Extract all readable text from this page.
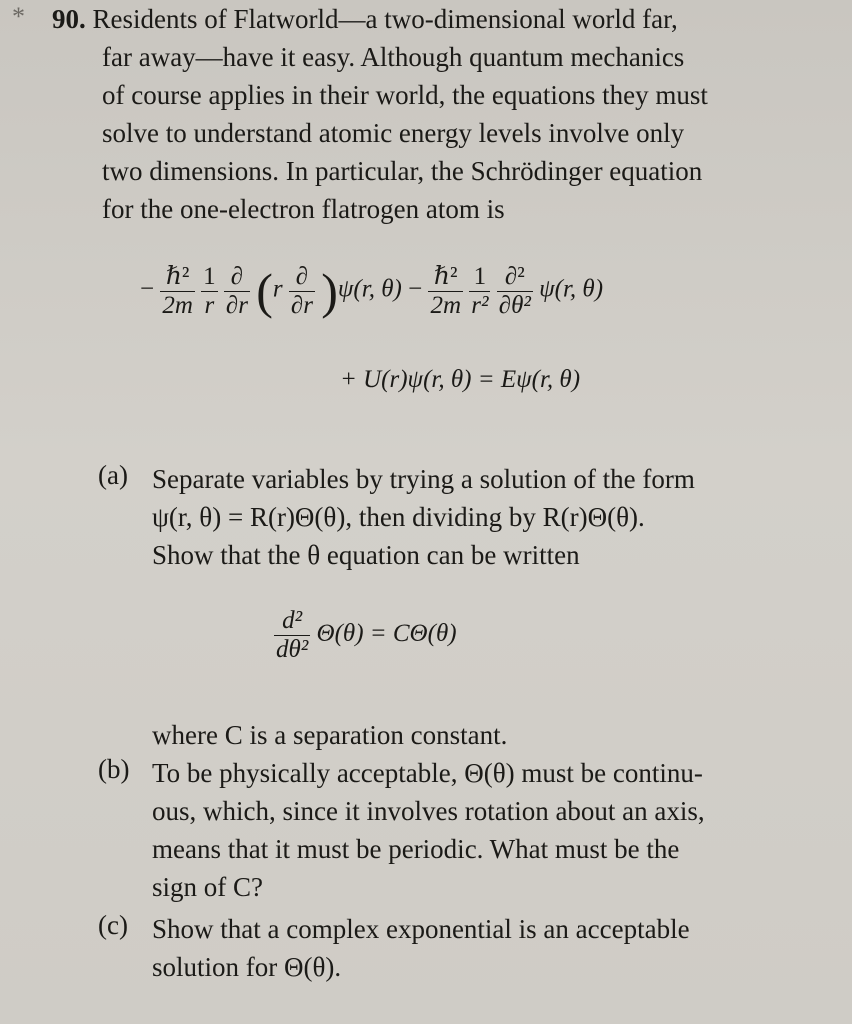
* 90. Residents of Flatworld—a two-dimensional world far,
far away—have it easy. Although quantum mechanics
of course applies in their world, the equations they must
solve to understand atomic energy levels involve only
two dimensions. In particular, the Schrödinger equation
for the one-electron flatrogen atom is
− $\frac{\text{ℏ²}}{2m}$
$\frac{1}{r}$
$\frac{\partial}{\partial r} (r \frac{\partial}{\partial r} )\psi(r$, $\theta) - \frac{\text{ℏ²}}{2m}$
$\frac{1}{\text{r²}}$
$\frac{\text{∂²}}{\text{∂θ²}} \psi(r$, θ)
+ U(r)ψ(r, θ) = Eψ(r, θ)
(a) Separate variables by trying a solution of the form
ψ(r, θ) = R(r)Θ(θ), then dividing by R(r)Θ(θ).
Show that the θ equation can be written
$\frac{\text{d²}}{\text{dθ²}} \Theta(\theta) = C\Theta(\theta)$
where C is a separation constant.
(b) To be physically acceptable, Θ(θ) must be continu-
ous, which, since it involves rotation about an axis,
means that it must be periodic. What must be the
sign of C?
(c) Show that a complex exponential is an acceptable
solution for Θ(θ).
